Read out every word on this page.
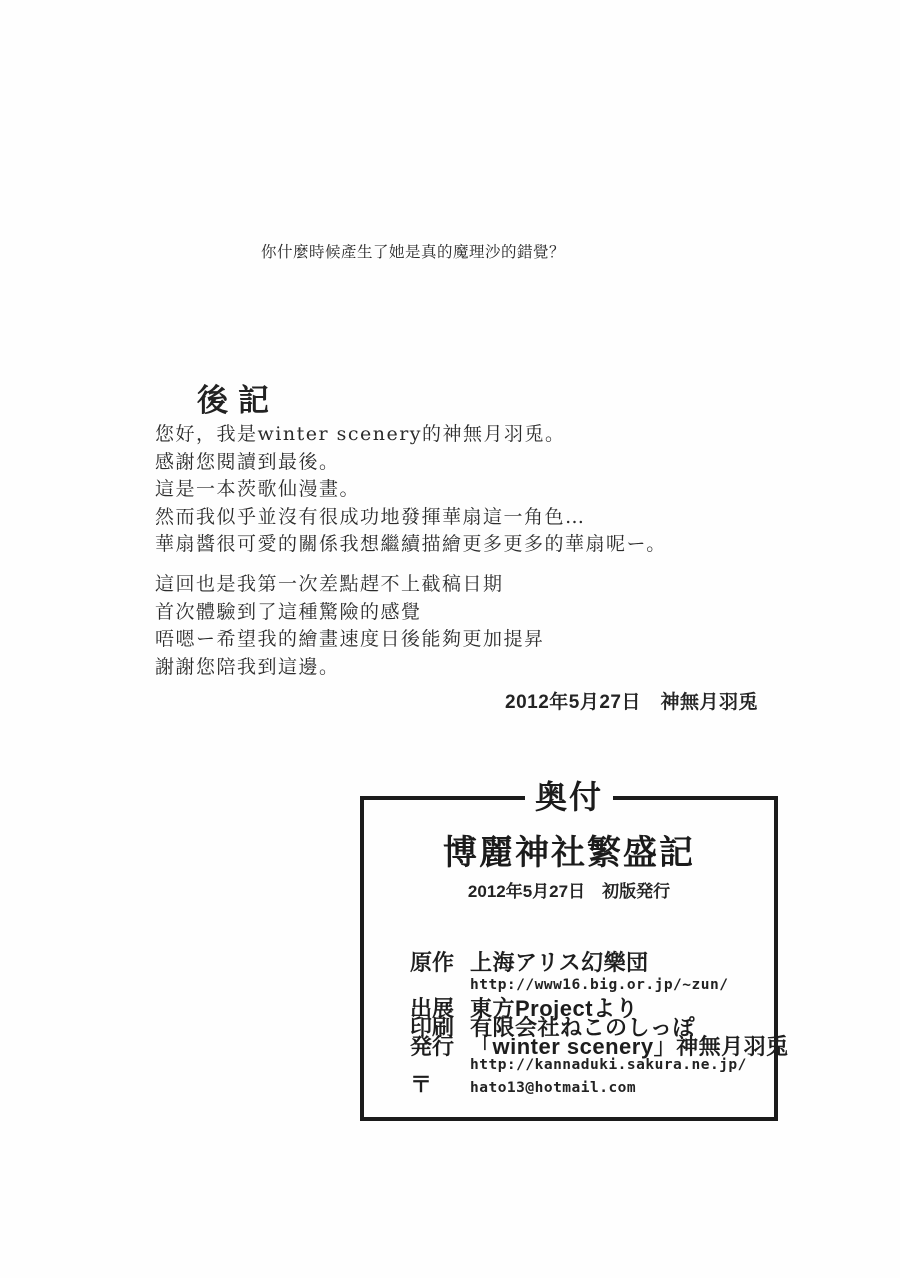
你什麼時候產生了她是真的魔理沙的錯覺？
後記
您好，我是winter scenery的神無月羽兎。
感謝您閱讀到最後。
這是一本茨歌仙漫畫。
然而我似乎並沒有很成功地發揮華扇這一角色…
華扇醬很可愛的關係我想繼續描繪更多更多的華扇呢ー。
這回也是我第一次差點趕不上截稿日期
首次體驗到了這種驚險的感覺
唔嗯ー希望我的繪畫速度日後能夠更加提昇
謝謝您陪我到這邊。
2012年5月27日　神無月羽兎
奥付
博麗神社繁盛記
2012年5月27日　初版発行
原作 上海アリス幻樂団
http://www16.big.or.jp/~zun/
出展 東方Projectより
印刷 有限会社ねこのしっぽ
発行 「winter scenery」神無月羽兎
http://kannaduki.sakura.ne.jp/
〒	hato13@hotmail.com
